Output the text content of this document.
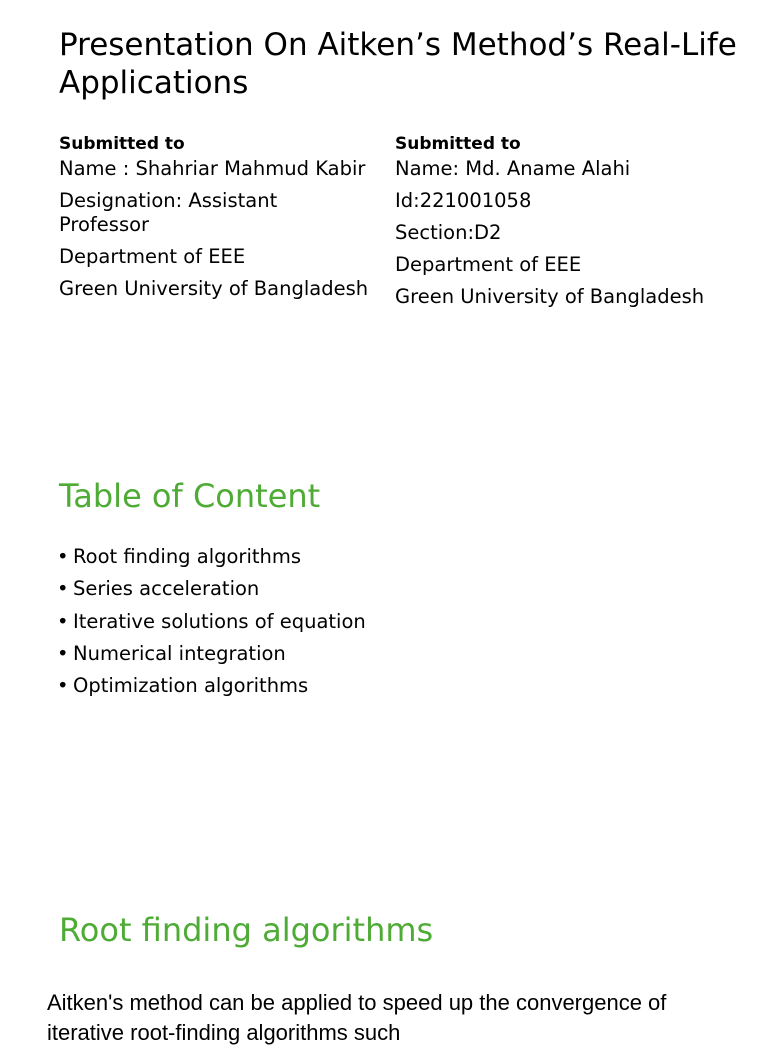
Presentation On Aitken’s Method’s Real-Life Applications
Submitted to
Name : Shahriar Mahmud Kabir
Designation: Assistant Professor
Department of EEE
Green University of Bangladesh
Submitted to
Name: Md. Aname Alahi
Id:221001058
Section:D2
Department of EEE
Green University of Bangladesh
Table of Content
• Root finding algorithms
• Series acceleration
• Iterative solutions of equation
• Numerical integration
• Optimization algorithms
Root finding algorithms

Aitken's method can be applied to speed up the convergence of iterative root-finding algorithms such
